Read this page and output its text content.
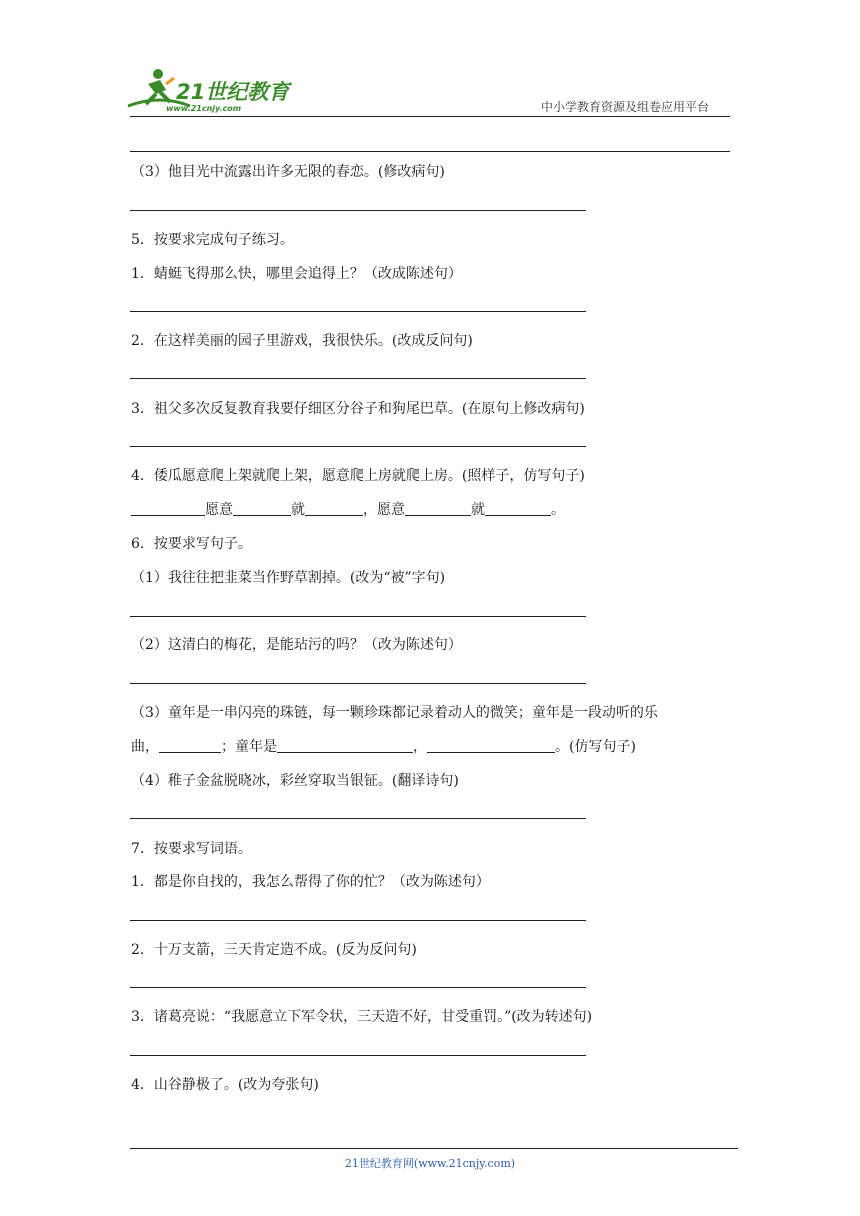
21世纪教育
www.21cnjy.com	中小学教育资源及组卷应用平台
（3）他目光中流露出许多无限的春恋。(修改病句)
5．按要求完成句子练习。
1．蜻蜓飞得那么快，哪里会追得上？（改成陈述句）
2．在这样美丽的园子里游戏，我很快乐。(改成反问句)
3．祖父多次反复教育我要仔细区分谷子和狗尾巴草。(在原句上修改病句)
4．倭瓜愿意爬上架就爬上架，愿意爬上房就爬上房。(照样子，仿写句子)
愿意	就	，愿意	就	。
6．按要求写句子。
（1）我往往把韭菜当作野草割掉。(改为“被”字句)
（2）这清白的梅花，是能玷污的吗？（改为陈述句）
（3）童年是一串闪亮的珠链，每一颗珍珠都记录着动人的微笑；童年是一段动听的乐
曲，	；童年是	，	。(仿写句子)
（4）稚子金盆脱晓冰，彩丝穿取当银钲。(翻译诗句)
7．按要求写词语。
1．都是你自找的，我怎么帮得了你的忙？（改为陈述句）
2．十万支箭，三天肯定造不成。(反为反问句)
3．诸葛亮说：“我愿意立下军令状，三天造不好，甘受重罚。”(改为转述句)
4．山谷静极了。(改为夸张句)
21世纪教育网(www.21cnjy.com)
